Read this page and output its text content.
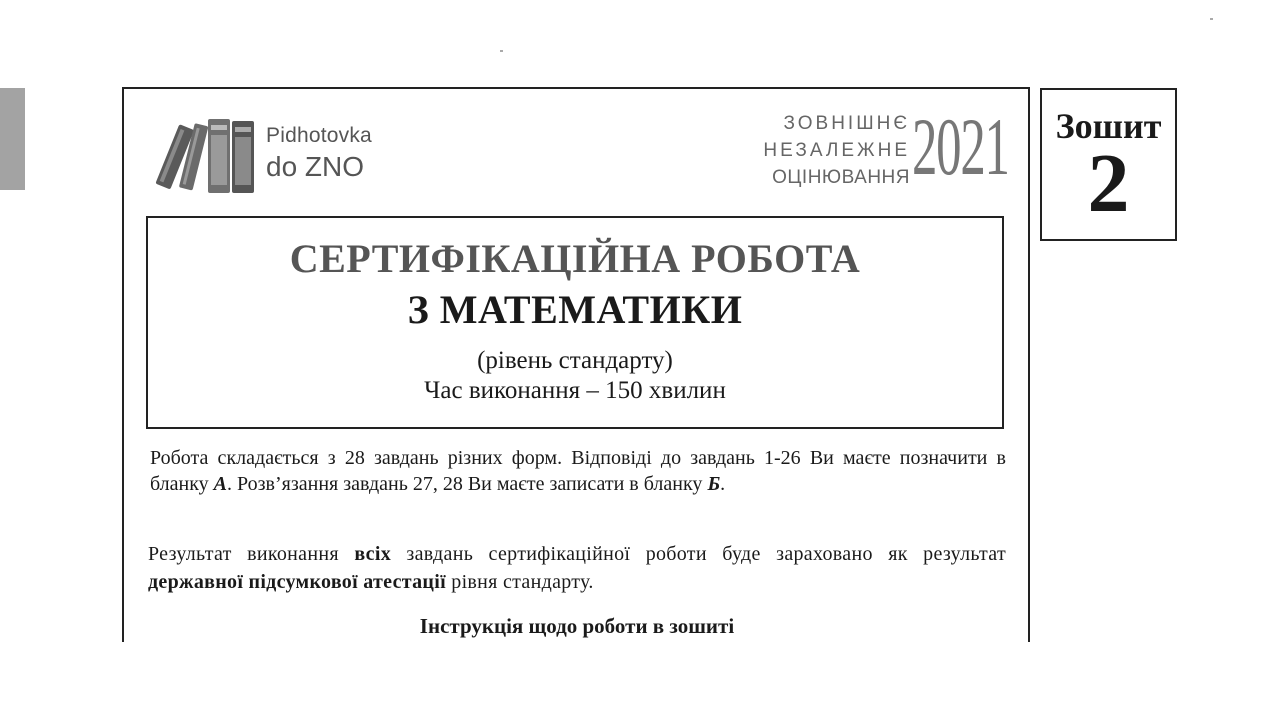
Pidhotovka
do ZNO
ЗОВНІШНЄ
НЕЗАЛЕЖНЕ
ОЦІНЮВАННЯ 2021	Зошит
2
СЕРТИФІКАЦІЙНА РОБОТА
З МАТЕМАТИКИ
(рівень стандарту)
Час виконання – 150 хвилин
Робота складається з 28 завдань різних форм. Відповіді до завдань 1-26 Ви маєте позначити в бланку А. Розв’язання завдань 27, 28 Ви маєте записати в бланку Б.
Результат виконання всіх завдань сертифікаційної роботи буде зараховано як результат державної підсумкової атестації рівня стандарту.
Інструкція щодо роботи в зошиті
